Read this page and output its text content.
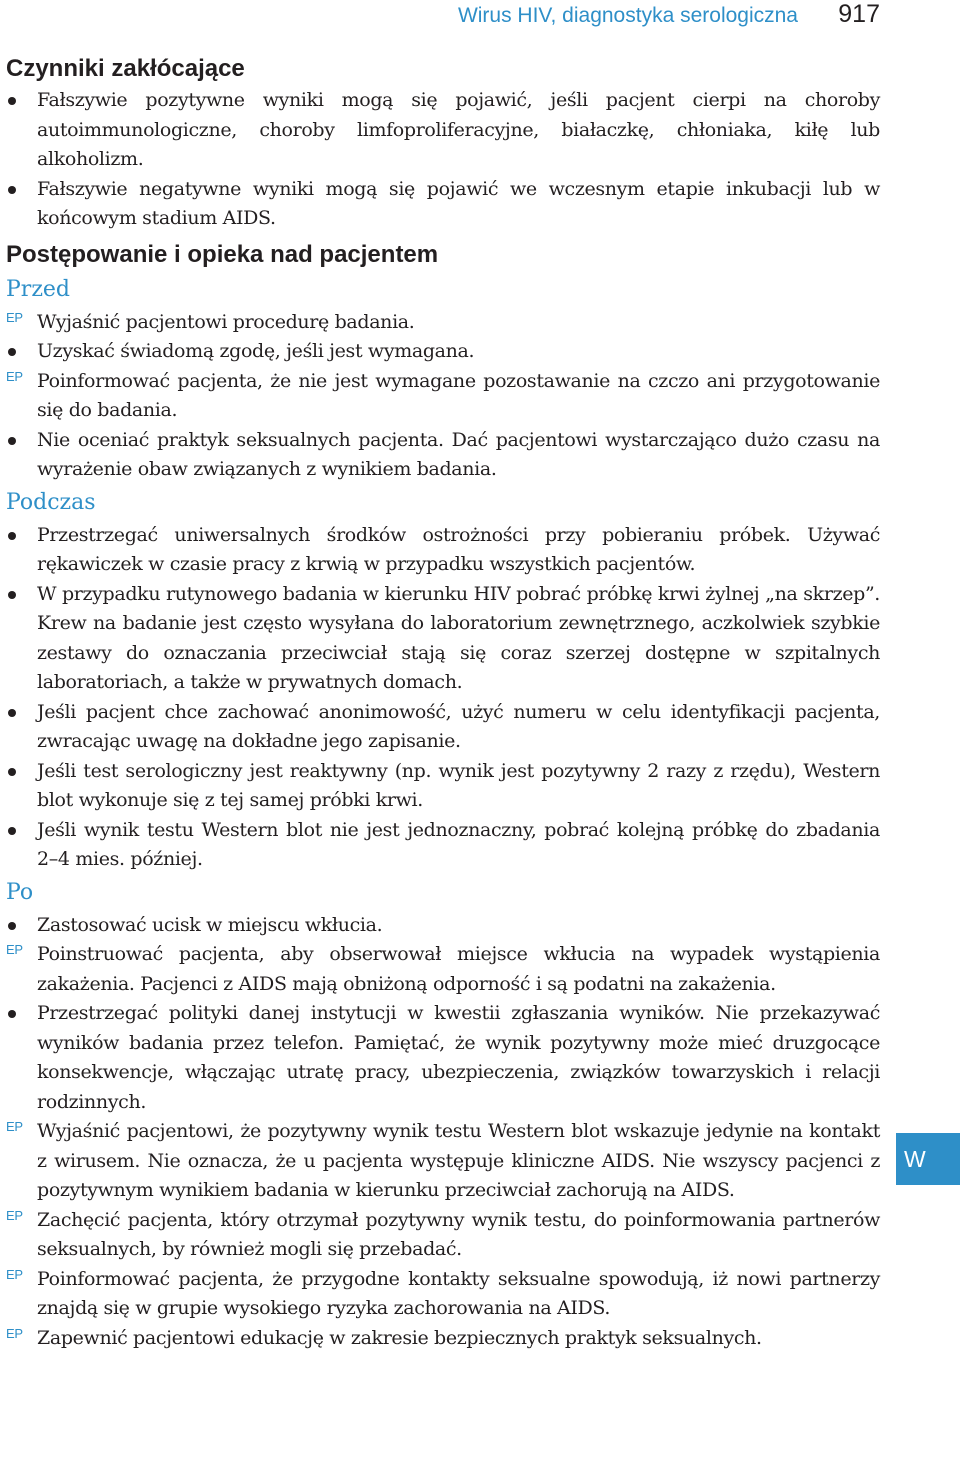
Wirus HIV, diagnostyka serologiczna 917
Czynniki zakłócające
Fałszywie pozytywne wyniki mogą się pojawić, jeśli pacjent cierpi na choroby autoimmunologiczne, choroby limfoproliferacyjne, białaczkę, chłoniaka, kiłę lub alkoholizm.
Fałszywie negatywne wyniki mogą się pojawić we wczesnym etapie inkubacji lub w końcowym stadium AIDS.
Postępowanie i opieka nad pacjentem
Przed
EP Wyjaśnić pacjentowi procedurę badania.
Uzyskać świadomą zgodę, jeśli jest wymagana.
EP Poinformować pacjenta, że nie jest wymagane pozostawanie na czczo ani przygotowanie się do badania.
Nie oceniać praktyk seksualnych pacjenta. Dać pacjentowi wystarczająco dużo czasu na wyrażenie obaw związanych z wynikiem badania.
Podczas
Przestrzegać uniwersalnych środków ostrożności przy pobieraniu próbek. Używać rękawiczek w czasie pracy z krwią w przypadku wszystkich pacjentów.
W przypadku rutynowego badania w kierunku HIV pobrać próbkę krwi żylnej „na skrzep”. Krew na badanie jest często wysyłana do laboratorium zewnętrznego, aczkolwiek szybkie zestawy do oznaczania przeciwciał stają się coraz szerzej dostępne w szpitalnych laboratoriach, a także w prywatnych domach.
Jeśli pacjent chce zachować anonimowość, użyć numeru w celu identyfikacji pacjenta, zwracając uwagę na dokładne jego zapisanie.
Jeśli test serologiczny jest reaktywny (np. wynik jest pozytywny 2 razy z rzędu), Western blot wykonuje się z tej samej próbki krwi.
Jeśli wynik testu Western blot nie jest jednoznaczny, pobrać kolejną próbkę do zbadania 2–4 mies. później.
Po
Zastosować ucisk w miejscu wkłucia.
EP Poinstruować pacjenta, aby obserwował miejsce wkłucia na wypadek wystąpienia zakażenia. Pacjenci z AIDS mają obniżoną odporność i są podatni na zakażenia.
Przestrzegać polityki danej instytucji w kwestii zgłaszania wyników. Nie przekazywać wyników badania przez telefon. Pamiętać, że wynik pozytywny może mieć druzgocące konsekwencje, włączając utratę pracy, ubezpieczenia, związków towarzyskich i relacji rodzinnych.
EP Wyjaśnić pacjentowi, że pozytywny wynik testu Western blot wskazuje jedynie na kontakt z wirusem. Nie oznacza, że u pacjenta występuje kliniczne AIDS. Nie wszyscy pacjenci z pozytywnym wynikiem badania w kierunku przeciwciał zachorują na AIDS.
EP Zachęcić pacjenta, który otrzymał pozytywny wynik testu, do poinformowania partnerów seksualnych, by również mogli się przebadać.
EP Poinformować pacjenta, że przygodne kontakty seksualne spowodują, iż nowi partnerzy znajdą się w grupie wysokiego ryzyka zachorowania na AIDS.
EP Zapewnić pacjentowi edukację w zakresie bezpiecznych praktyk seksualnych.
W
